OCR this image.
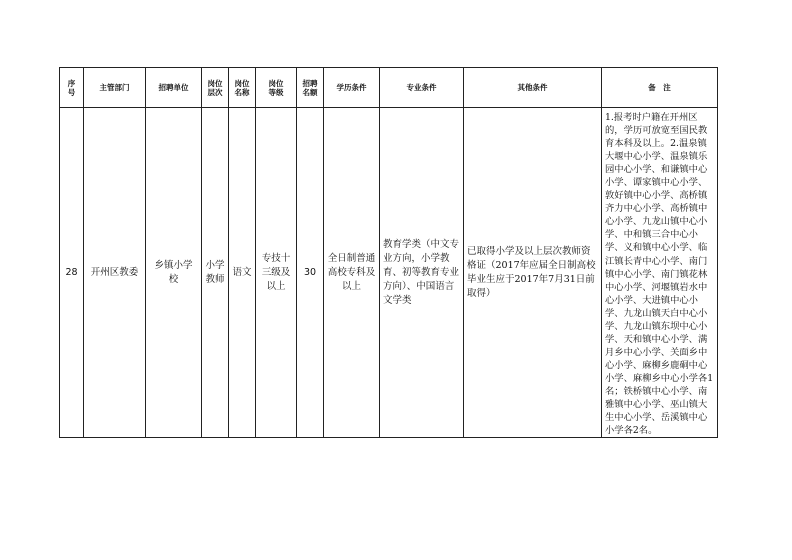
序号	主管部门	招聘单位	岗位层次	岗位名称	岗位等级	招聘名额	学历条件	专业条件	其他条件	备　注
28	开州区教委	乡镇小学校	小学教师	语文	专技十三级及以上	30	全日制普通高校专科及以上	教育学类（中文专业方向，小学教育、初等教育专业方向）、中国语言文学类	已取得小学及以上层次教师资格证（2017年应届全日制高校毕业生应于2017年7月31日前取得）	1.报考时户籍在开州区的，学历可放宽至国民教育本科及以上。2.温泉镇大堰中心小学、温泉镇乐园中心小学、和谦镇中心小学、谭家镇中心小学、敦好镇中心小学、高桥镇齐力中心小学、高桥镇中心小学、九龙山镇中心小学、中和镇三合中心小学、义和镇中心小学、临江镇长青中心小学、南门镇中心小学、南门镇花林中心小学、河堰镇岩水中心小学、大进镇中心小学、九龙山镇天白中心小学、九龙山镇东坝中心小学、天和镇中心小学、满月乡中心小学、关面乡中心小学、麻柳乡鹿硐中心小学、麻柳乡中心小学各1名；铁桥镇中心小学、南雅镇中心小学、巫山镇大生中心小学、岳溪镇中心小学各2名。
